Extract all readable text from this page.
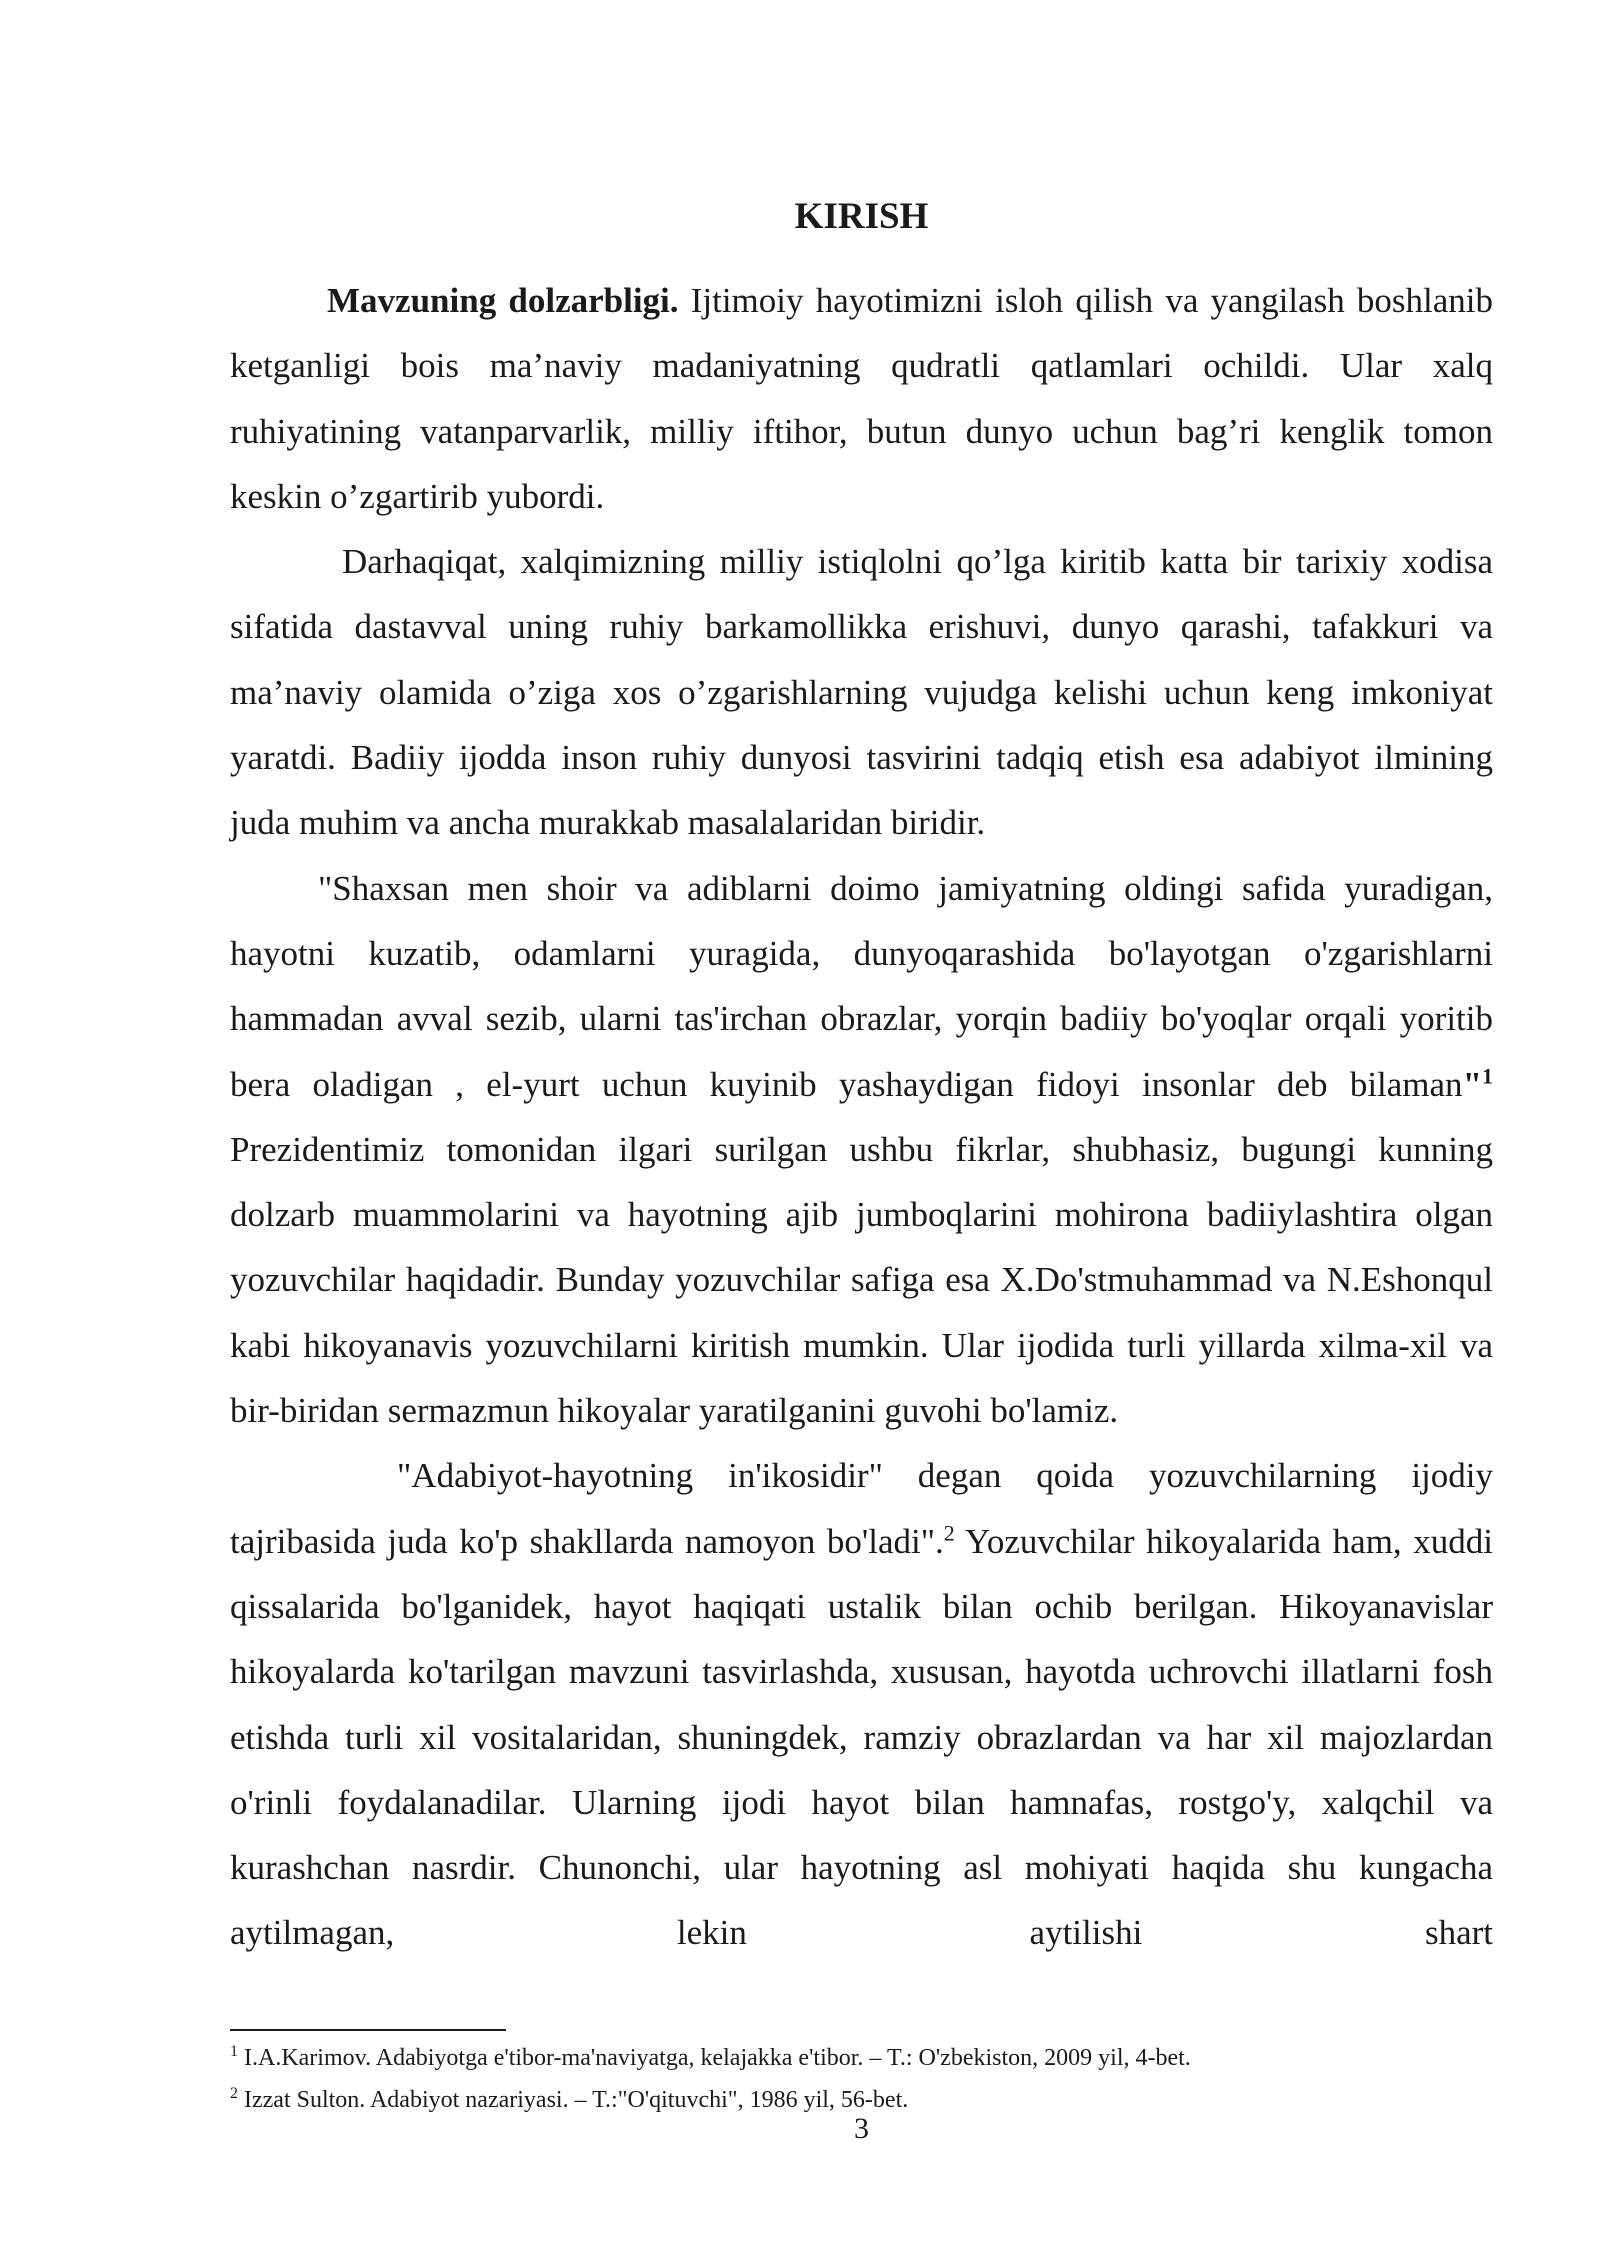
KIRISH

Mavzuning dolzarbligi. Ijtimoiy hayotimizni isloh qilish va yangilash boshlanib ketganligi bois ma’naviy madaniyatning qudratli qatlamlari ochildi. Ular xalq ruhiyatining vatanparvarlik, milliy iftihor, butun dunyo uchun bag’ri kenglik tomon keskin o’zgartirib yubordi.

Darhaqiqat, xalqimizning milliy istiqlolni qo’lga kiritib katta bir tarixiy xodisa sifatida dastavval uning ruhiy barkamollikka erishuvi, dunyo qarashi, tafakkuri va ma’naviy olamida o’ziga xos o’zgarishlarning vujudga kelishi uchun keng imkoniyat yaratdi. Badiiy ijodda inson ruhiy dunyosi tasvirini tadqiq etish esa adabiyot ilmining juda muhim va ancha murakkab masalalaridan biridir.

"Shaxsan men shoir va adiblarni doimo jamiyatning oldingi safida yuradigan, hayotni kuzatib, odamlarni yuragida, dunyoqarashida bo'layotgan o'zgarishlarni hammadan avval sezib, ularni tas'irchan obrazlar, yorqin badiiy bo'yoqlar orqali yoritib bera oladigan , el-yurt uchun kuyinib yashaydigan fidoyi insonlar deb bilaman"$^1$ Prezidentimiz tomonidan ilgari surilgan ushbu fikrlar, shubhasiz, bugungi kunning dolzarb muammolarini va hayotning ajib jumboqlarini mohirona badiiylashtira olgan yozuvchilar haqidadir. Bunday yozuvchilar safiga esa X.Do'stmuhammad va N.Eshonqul kabi hikoyanavis yozuvchilarni kiritish mumkin. Ular ijodida turli yillarda xilma-xil va bir-biridan sermazmun hikoyalar yaratilganini guvohi bo'lamiz.

"Adabiyot-hayotning in'ikosidir" degan qoida yozuvchilarning ijodiy tajribasida juda ko'p shakllarda namoyon bo'ladi".$^2$ Yozuvchilar hikoyalarida ham, xuddi qissalarida bo'lganidek, hayot haqiqati ustalik bilan ochib berilgan. Hikoyanavislar hikoyalarda ko'tarilgan mavzuni tasvirlashda, xususan, hayotda uchrovchi illatlarni fosh etishda turli xil vositalaridan, shuningdek, ramziy obrazlardan va har xil majozlardan o'rinli foydalanadilar. Ularning ijodi hayot bilan hamnafas, rostgo'y, xalqchil va kurashchan nasrdir. Chunonchi, ular hayotning asl mohiyati haqida shu kungacha aytilmagan, lekin aytilishi shart

$^1$ I.A.Karimov. Adabiyotga e'tibor-ma'naviyatga, kelajakka e'tibor. – T.: O'zbekiston, 2009 yil, 4-bet.
$^2$ Izzat Sulton. Adabiyot nazariyasi. – T.:"O'qituvchi", 1986 yil, 56-bet.
3
